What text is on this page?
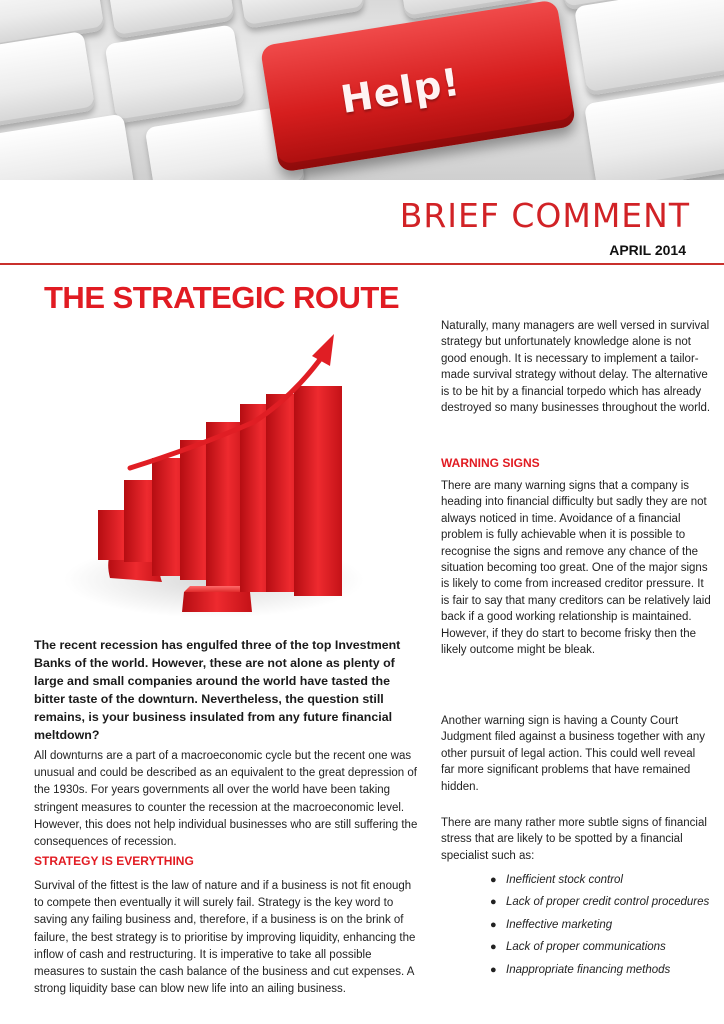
Help!
BRIEF COMMENT
APRIL 2014
THE STRATEGIC ROUTE

The recent recession has engulfed three of the top Investment Banks of the world. However, these are not alone as plenty of large and small companies around the world have tasted the bitter taste of the downturn. Nevertheless, the question still remains, is your business insulated from any future financial meltdown?

All downturns are a part of a macroeconomic cycle but the recent one was unusual and could be described as an equivalent to the great depression of the 1930s. For years governments all over the world have been taking stringent measures to counter the recession at the macroeconomic level. However, this does not help individual businesses who are still suffering the consequences of recession.

STRATEGY IS EVERYTHING

Survival of the fittest is the law of nature and if a business is not fit enough to compete then eventually it will surely fail. Strategy is the key word to saving any failing business and, therefore, if a business is on the brink of failure, the best strategy is to prioritise by improving liquidity, enhancing the inflow of cash and restructuring. It is imperative to take all possible measures to sustain the cash balance of the business and cut expenses. A strong liquidity base can blow new life into an ailing business.

Naturally, many managers are well versed in survival strategy but unfortunately knowledge alone is not good enough. It is necessary to implement a tailor-made survival strategy without delay. The alternative is to be hit by a financial torpedo which has already destroyed so many businesses throughout the world.

WARNING SIGNS

There are many warning signs that a company is heading into financial difficulty but sadly they are not always noticed in time. Avoidance of a financial problem is fully achievable when it is possible to recognise the signs and remove any chance of the situation becoming too great. One of the major signs is likely to come from increased creditor pressure. It is fair to say that many creditors can be relatively laid back if a good working relationship is maintained. However, if they do start to become frisky then the likely outcome might be bleak.

Another warning sign is having a County Court Judgment filed against a business together with any other pursuit of legal action. This could well reveal far more significant problems that have remained hidden.

There are many rather more subtle signs of financial stress that are likely to be spotted by a financial specialist such as:

● Inefficient stock control
● Lack of proper credit control procedures
● Ineffective marketing
● Lack of proper communications
● Inappropriate financing methods
